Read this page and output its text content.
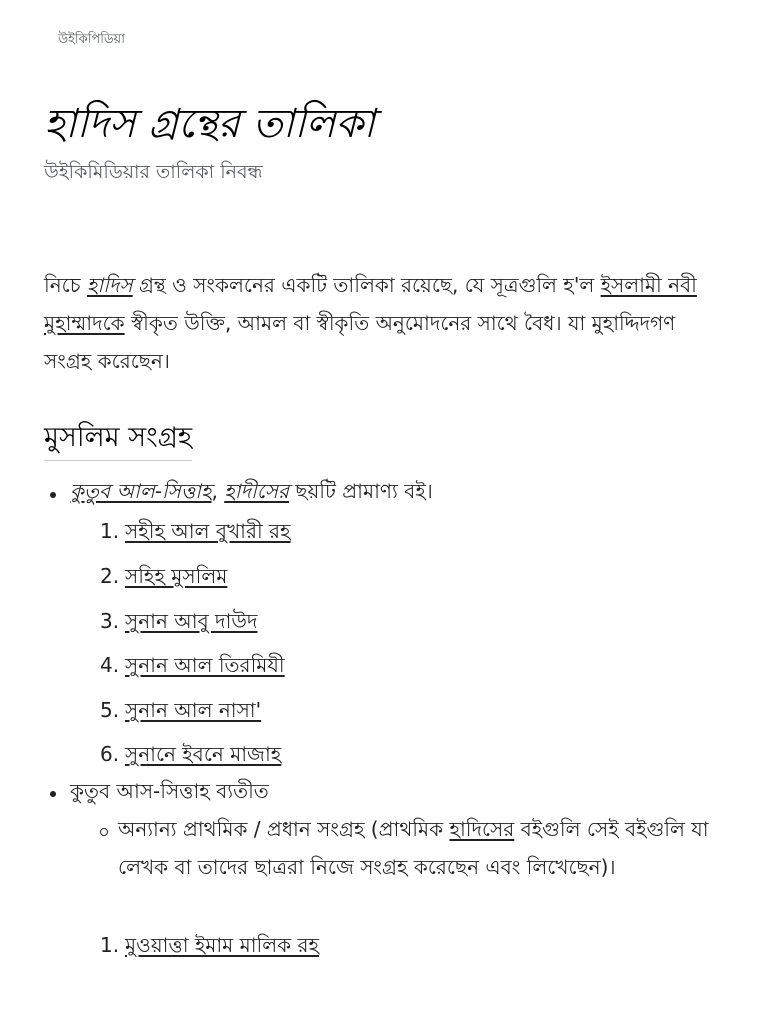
উইকিপিডিয়া
হাদিস গ্রন্থের তালিকা
উইকিমিডিয়ার তালিকা নিবন্ধ

নিচে হাদিস গ্রন্থ ও সংকলনের একটি তালিকা রয়েছে, যে সূত্রগুলি হ'ল ইসলামী নবী মুহাম্মাদকে স্বীকৃত উক্তি, আমল বা স্বীকৃতি অনুমোদনের সাথে বৈধ। যা মুহাদ্দিদগণ সংগ্রহ করেছেন।

মুসলিম সংগ্রহ
কুতুব আল-সিত্তাহ, হাদীসের ছয়টি প্রামাণ্য বই।
1. সহীহ আল বুখারী রহ
2. সহিহ মুসলিম
3. সুনান আবু দাউদ
4. সুনান আল তিরমিযী
5. সুনান আল নাসা'
6. সুনানে ইবনে মাজাহ
কুতুব আস-সিত্তাহ ব্যতীত
অন্যান্য প্রাথমিক / প্রধান সংগ্রহ (প্রাথমিক হাদিসের বইগুলি সেই বইগুলি যা লেখক বা তাদের ছাত্ররা নিজে সংগ্রহ করেছেন এবং লিখেছেন)।
1. মুওয়াত্তা ইমাম মালিক রহ
